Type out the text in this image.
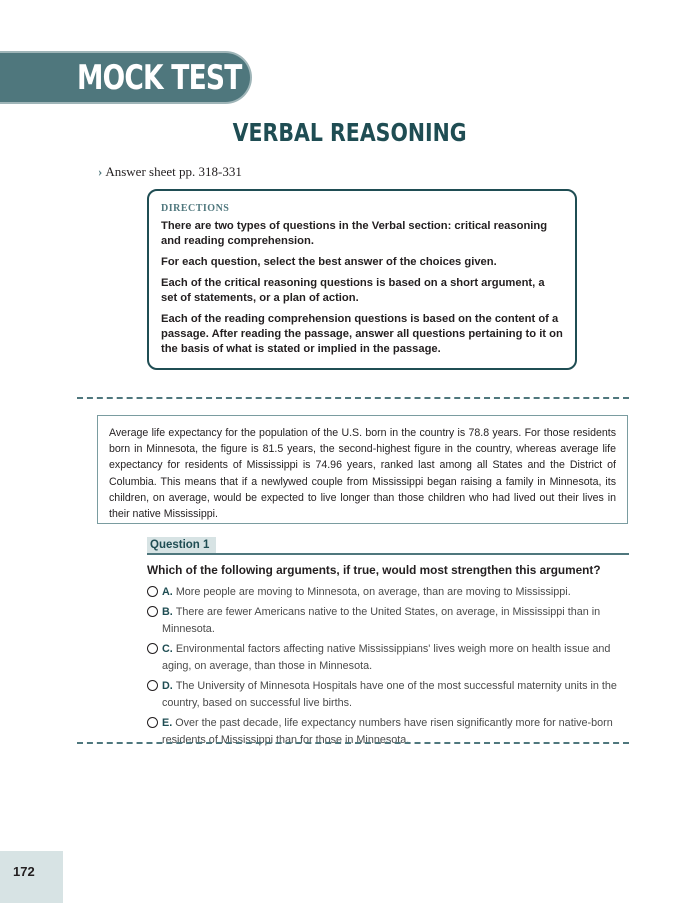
MOCK TEST 1
VERBAL REASONING
› Answer sheet pp. 318-331
DIRECTIONS

There are two types of questions in the Verbal section: critical reasoning and reading comprehension.

For each question, select the best answer of the choices given.

Each of the critical reasoning questions is based on a short argument, a set of statements, or a plan of action.

Each of the reading comprehension questions is based on the content of a passage. After reading the passage, answer all questions pertaining to it on the basis of what is stated or implied in the passage.

Average life expectancy for the population of the U.S. born in the country is 78.8 years. For those residents born in Minnesota, the figure is 81.5 years, the second-highest figure in the country, whereas average life expectancy for residents of Mississippi is 74.96 years, ranked last among all States and the District of Columbia. This means that if a newlywed couple from Mississippi began raising a family in Minnesota, its children, on average, would be expected to live longer than those children who had lived out their lives in their native Mississippi.
Question 1
Which of the following arguments, if true, would most strengthen this argument?
A. More people are moving to Minnesota, on average, than are moving to Mississippi.
B. There are fewer Americans native to the United States, on average, in Mississippi than in Minnesota.
C. Environmental factors affecting native Mississippians' lives weigh more on health issue and aging, on average, than those in Minnesota.
D. The University of Minnesota Hospitals have one of the most successful maternity units in the country, based on successful live births.
E. Over the past decade, life expectancy numbers have risen significantly more for native-born residents of Mississippi than for those in Minnesota.
172
